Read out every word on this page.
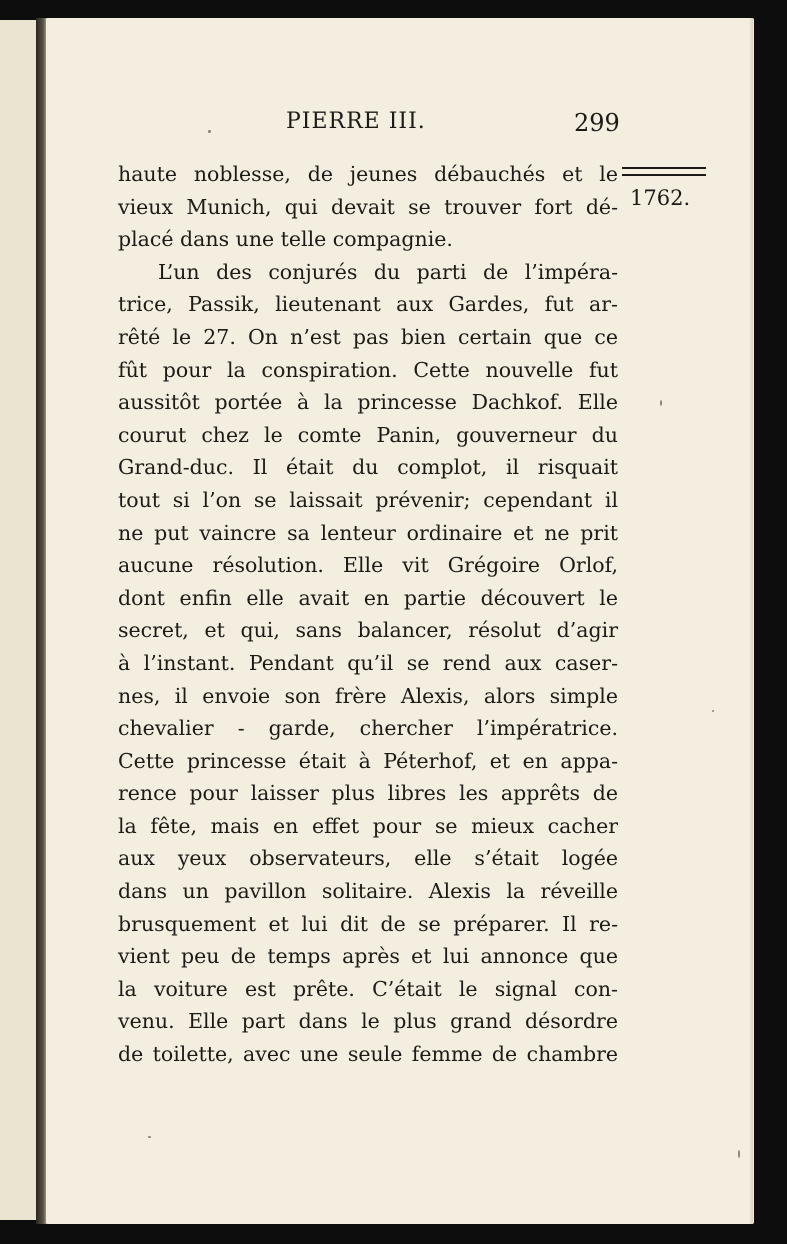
PIERRE III.	299
1762.
haute noblesse, de jeunes débauchés et le
vieux Munich, qui devait se trouver fort dé-
placé dans une telle compagnie.
L’un des conjurés du parti de l’impéra-
trice, Passik, lieutenant aux Gardes, fut ar-
rêté le 27. On n’est pas bien certain que ce
fût pour la conspiration. Cette nouvelle fut
aussitôt portée à la princesse Dachkof. Elle
courut chez le comte Panin, gouverneur du
Grand-duc. Il était du complot, il risquait
tout si l’on se laissait prévenir; cependant il
ne put vaincre sa lenteur ordinaire et ne prit
aucune résolution. Elle vit Grégoire Orlof,
dont enfin elle avait en partie découvert le
secret, et qui, sans balancer, résolut d’agir
à l’instant. Pendant qu’il se rend aux caser-
nes, il envoie son frère Alexis, alors simple
chevalier - garde, chercher l’impératrice.
Cette princesse était à Péterhof, et en appa-
rence pour laisser plus libres les apprêts de
la fête, mais en effet pour se mieux cacher
aux yeux observateurs, elle s’était logée
dans un pavillon solitaire. Alexis la réveille
brusquement et lui dit de se préparer. Il re-
vient peu de temps après et lui annonce que
la voiture est prête. C’était le signal con-
venu. Elle part dans le plus grand désordre
de toilette, avec une seule femme de chambre
